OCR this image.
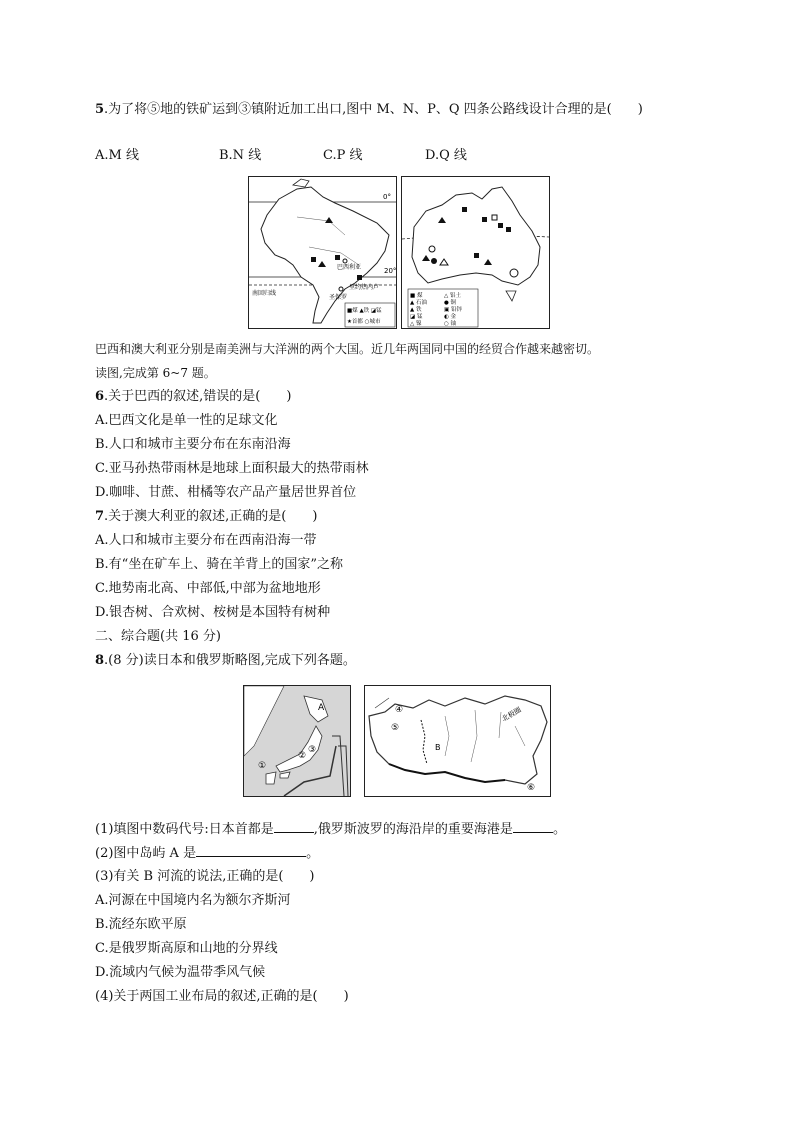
5.为了将⑤地的铁矿运到③镇附近加工出口,图中 M、N、P、Q 四条公路线设计合理的是(　　)
A.M 线	B.N 线	C.P 线	D.Q 线
■煤 ▲铁 ◪锰
★首都 ○城市
0°
20°
南回归线
巴西利亚
里约热内卢
圣保罗	■ 煤	△ 铝土
▲ 石油	● 铜
▲ 铁	▣ 铅锌
◪ 锰	◐ 金
△ 镍	○ 铀
巴西和澳大利亚分别是南美洲与大洋洲的两个大国。近几年两国同中国的经贸合作越来越密切。
读图,完成第 6~7 题。
6.关于巴西的叙述,错误的是(　　)
A.巴西文化是单一性的足球文化
B.人口和城市主要分布在东南沿海
C.亚马孙热带雨林是地球上面积最大的热带雨林
D.咖啡、甘蔗、柑橘等农产品产量居世界首位
7.关于澳大利亚的叙述,正确的是(　　)
A.人口和城市主要分布在西南沿海一带
B.有“坐在矿车上、骑在羊背上的国家”之称
C.地势南北高、中部低,中部为盆地地形
D.银杏树、合欢树、桉树是本国特有树种
二、综合题(共 16 分)
8.(8 分)读日本和俄罗斯略图,完成下列各题。
A
①
②
③	B
④
⑤
⑥
北极圈
(1)填图中数码代号:日本首都是	,俄罗斯波罗的海沿岸的重要海港是	。
(2)图中岛屿 A 是	。
(3)有关 B 河流的说法,正确的是(　　)
A.河源在中国境内名为额尔齐斯河
B.流经东欧平原
C.是俄罗斯高原和山地的分界线
D.流域内气候为温带季风气候
(4)关于两国工业布局的叙述,正确的是(　　)
